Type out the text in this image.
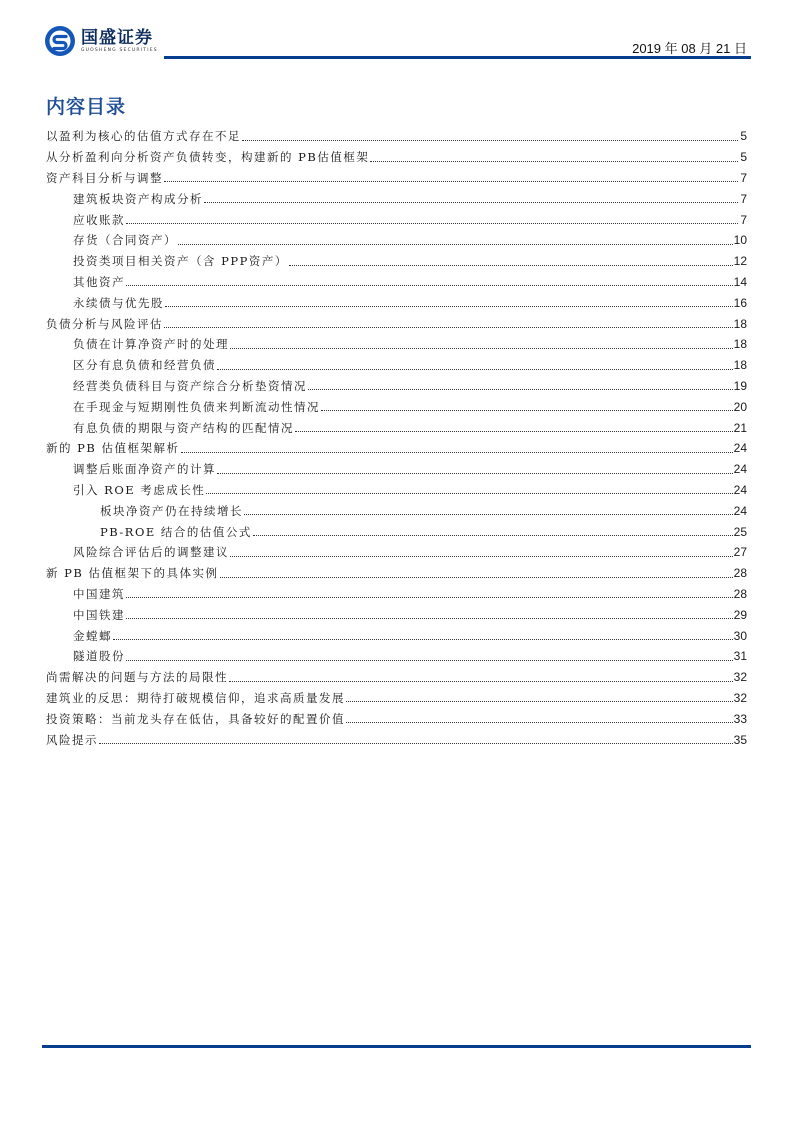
国盛证券
GUOSHENG SECURITIES	2019 年 08 月 21 日
内容目录
以盈利为核心的估值方式存在不足	5
从分析盈利向分析资产负债转变，构建新的 PB估值框架	5
资产科目分析与调整	7
建筑板块资产构成分析	7
应收账款	7
存货（合同资产）	10
投资类项目相关资产（含 PPP资产）	12
其他资产	14
永续债与优先股	16
负债分析与风险评估	18
负债在计算净资产时的处理	18
区分有息负债和经营负债	18
经营类负债科目与资产综合分析垫资情况	19
在手现金与短期刚性负债来判断流动性情况	20
有息负债的期限与资产结构的匹配情况	21
新的 PB 估值框架解析	24
调整后账面净资产的计算	24
引入 ROE 考虑成长性	24
板块净资产仍在持续增长	24
PB-ROE 结合的估值公式	25
风险综合评估后的调整建议	27
新 PB 估值框架下的具体实例	28
中国建筑	28
中国铁建	29
金螳螂	30
隧道股份	31
尚需解决的问题与方法的局限性	32
建筑业的反思：期待打破规模信仰，追求高质量发展	32
投资策略：当前龙头存在低估，具备较好的配置价值	33
风险提示	35
